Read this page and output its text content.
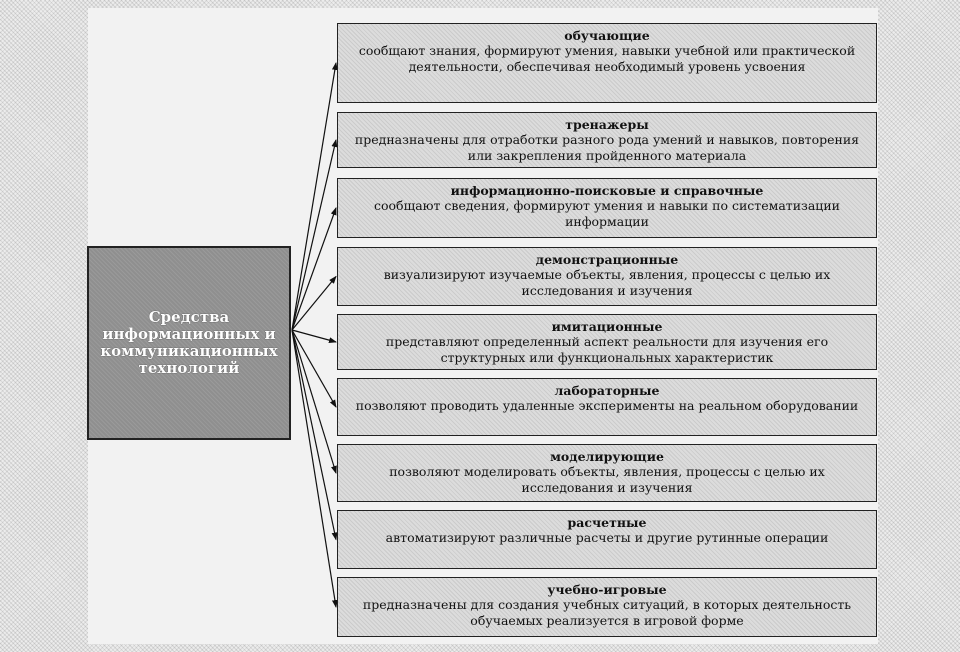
Средства информационных и коммуникационных технологий
обучающие
сообщают знания, формируют умения, навыки учебной или практической деятельности, обеспечивая необходимый уровень усвоения
тренажеры
предназначены для отработки разного рода умений и навыков, повторения или закрепления пройденного материала
информационно-поисковые и справочные
сообщают сведения, формируют умения и навыки по систематизации информации
демонстрационные
визуализируют изучаемые объекты, явления, процессы с целью их исследования и изучения
имитационные
представляют определенный аспект реальности для изучения его структурных или функциональных характеристик
лабораторные
позволяют проводить удаленные эксперименты на реальном оборудовании
моделирующие
позволяют моделировать объекты, явления, процессы с целью их исследования и изучения
расчетные
автоматизируют различные расчеты и другие рутинные операции
учебно-игровые
предназначены для создания учебных ситуаций, в которых деятельность обучаемых реализуется в игровой форме
